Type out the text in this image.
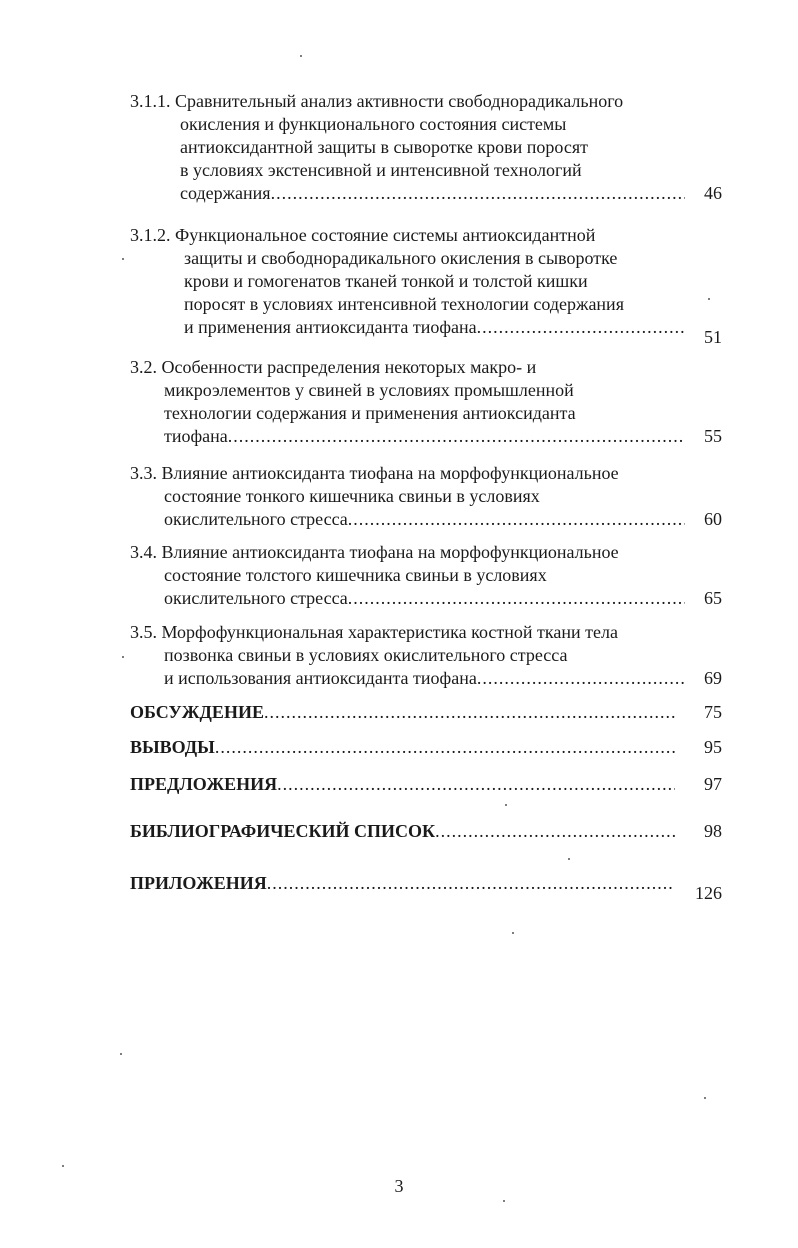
3.1.1. Сравнительный анализ активности свободнорадикального
окисления и функционального состояния системы
антиоксидантной защиты в сыворотке крови поросят
в условиях экстенсивной и интенсивной технологий
содержания .....	46
3.1.2. Функциональное состояние системы антиоксидантной
защиты и свободнорадикального окисления в сыворотке
крови и гомогенатов тканей тонкой и толстой кишки
поросят в условиях интенсивной технологии содержания
и применения антиоксиданта тиофана .....	51
3.2. Особенности распределения некоторых макро- и
микроэлементов у свиней в условиях промышленной
технологии содержания и применения антиоксиданта
тиофана .....	55
3.3. Влияние антиоксиданта тиофана на морфофункциональное
состояние тонкого кишечника свиньи в условиях
окислительного стресса .....	60
3.4. Влияние антиоксиданта тиофана на морфофункциональное
состояние толстого кишечника свиньи в условиях
окислительного стресса .....	65
3.5. Морфофункциональная характеристика костной ткани тела
позвонка свиньи в условиях окислительного стресса
и использования антиоксиданта тиофана .....	69
ОБСУЖДЕНИЕ .....	75
ВЫВОДЫ .....	95
ПРЕДЛОЖЕНИЯ .....	97
БИБЛИОГРАФИЧЕСКИЙ СПИСОК .....	98
ПРИЛОЖЕНИЯ .....	126
3
